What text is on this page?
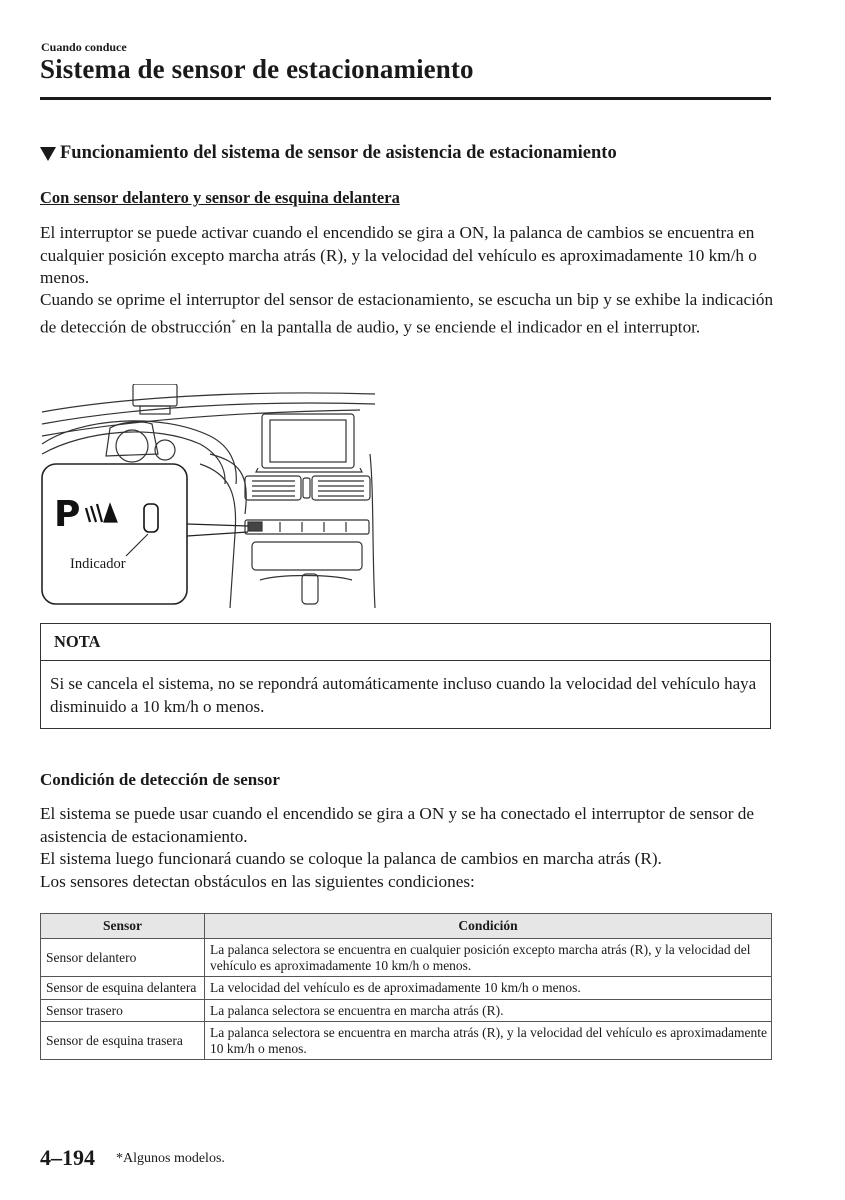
Cuando conduce
Sistema de sensor de estacionamiento
Funcionamiento del sistema de sensor de asistencia de estacionamiento
Con sensor delantero y sensor de esquina delantera
El interruptor se puede activar cuando el encendido se gira a ON, la palanca de cambios se encuentra en cualquier posición excepto marcha atrás (R), y la velocidad del vehículo es aproximadamente 10 km/h o menos.
Cuando se oprime el interruptor del sensor de estacionamiento, se escucha un bip y se exhibe la indicación de detección de obstrucción* en la pantalla de audio, y se enciende el indicador en el interruptor.
P
Indicador
NOTA
Si se cancela el sistema, no se repondrá automáticamente incluso cuando la velocidad del vehículo haya disminuido a 10 km/h o menos.
Condición de detección de sensor
El sistema se puede usar cuando el encendido se gira a ON y se ha conectado el interruptor de sensor de asistencia de estacionamiento.
El sistema luego funcionará cuando se coloque la palanca de cambios en marcha atrás (R).
Los sensores detectan obstáculos en las siguientes condiciones:
Sensor	Condición
Sensor delantero	La palanca selectora se encuentra en cualquier posición excepto marcha atrás (R), y la velocidad del vehículo es aproximadamente 10 km/h o menos.
Sensor de esquina delantera	La velocidad del vehículo es de aproximadamente 10 km/h o menos.
Sensor trasero	La palanca selectora se encuentra en marcha atrás (R).
Sensor de esquina trasera	La palanca selectora se encuentra en marcha atrás (R), y la velocidad del vehículo es aproximadamente 10 km/h o menos.
4–194 *Algunos modelos.
